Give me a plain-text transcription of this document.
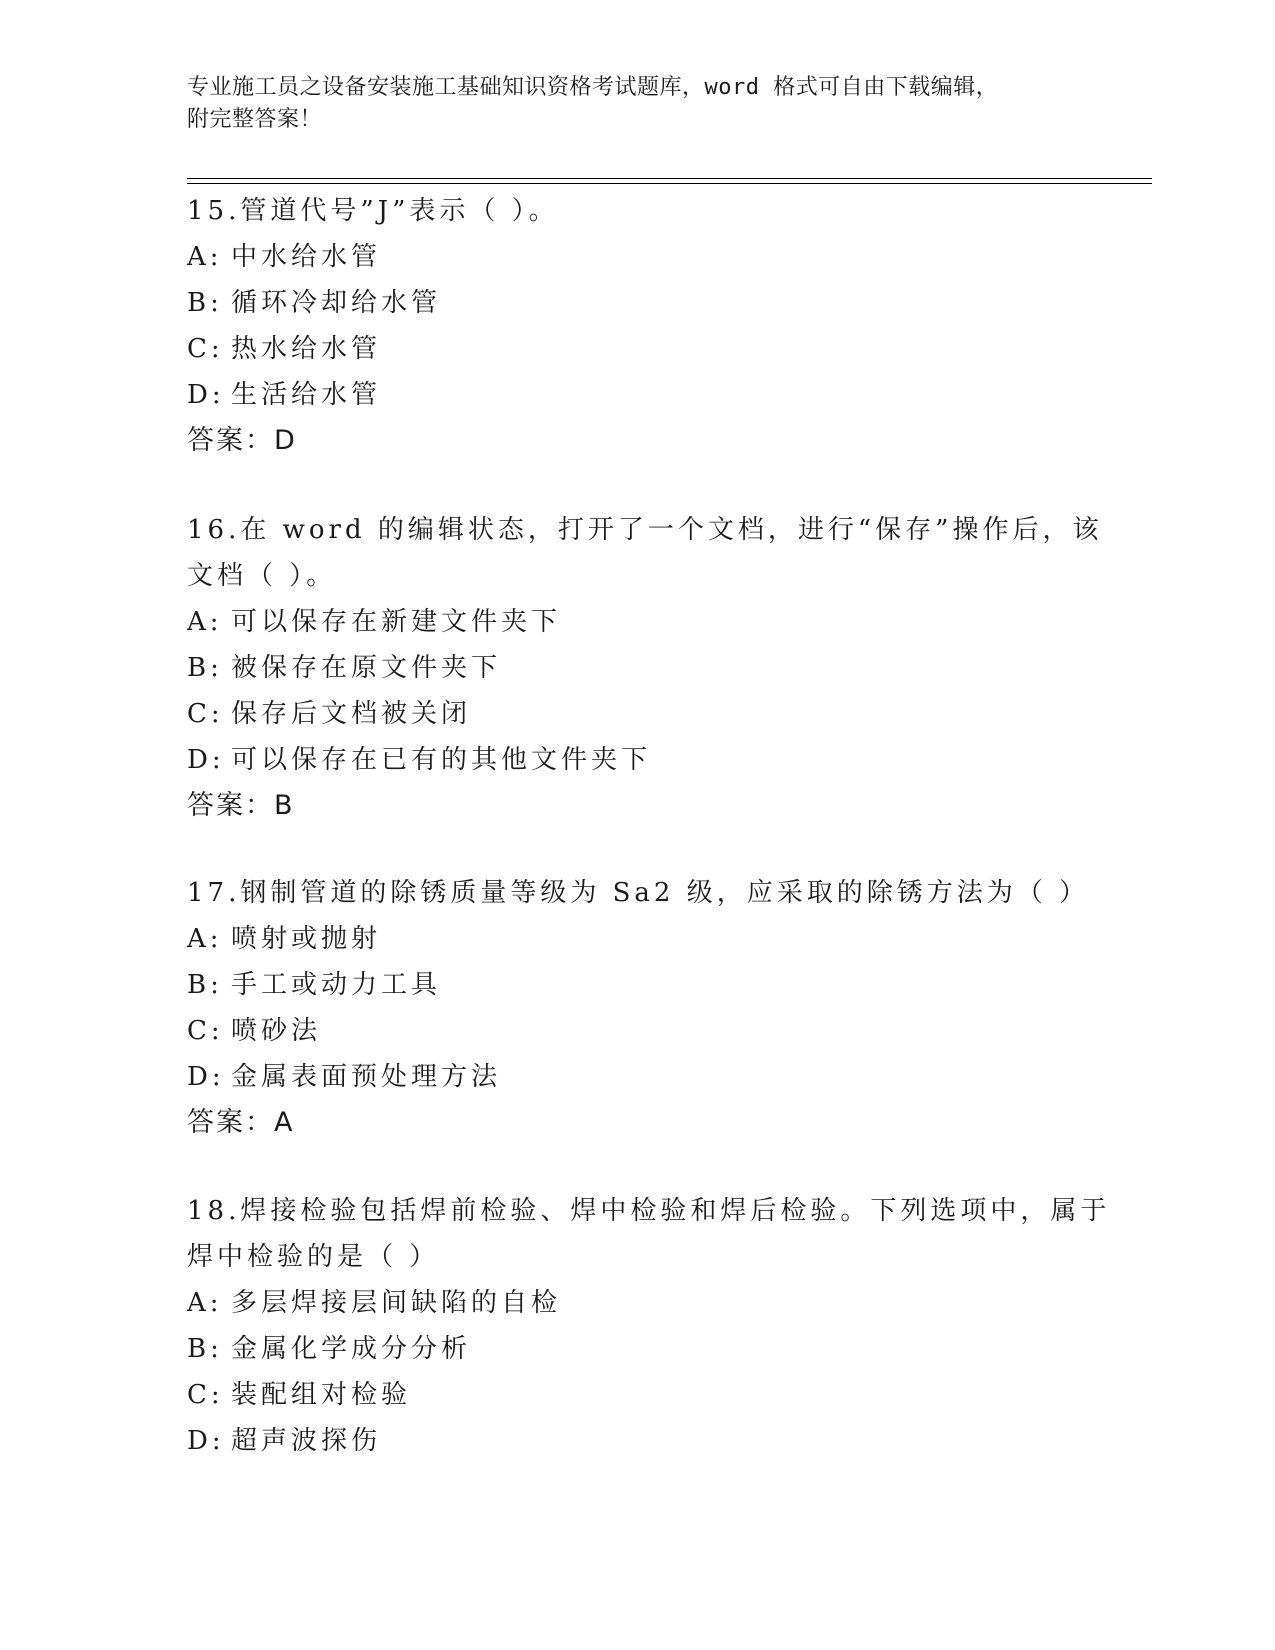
专业施工员之设备安装施工基础知识资格考试题库，word 格式可自由下载编辑，
附完整答案！
15.管道代号”J”表示（ ）。
A: 中水给水管
B: 循环冷却给水管
C: 热水给水管
D: 生活给水管
答案：D
16.在 word 的编辑状态，打开了一个文档，进行“保存”操作后，该
文档（ ）。
A: 可以保存在新建文件夹下
B: 被保存在原文件夹下
C: 保存后文档被关闭
D: 可以保存在已有的其他文件夹下
答案：B
17.钢制管道的除锈质量等级为 Sa2 级，应采取的除锈方法为（ ）
A: 喷射或抛射
B: 手工或动力工具
C: 喷砂法
D: 金属表面预处理方法
答案：A
18.焊接检验包括焊前检验、焊中检验和焊后检验。下列选项中，属于
焊中检验的是（ ）
A: 多层焊接层间缺陷的自检
B: 金属化学成分分析
C: 装配组对检验
D: 超声波探伤
